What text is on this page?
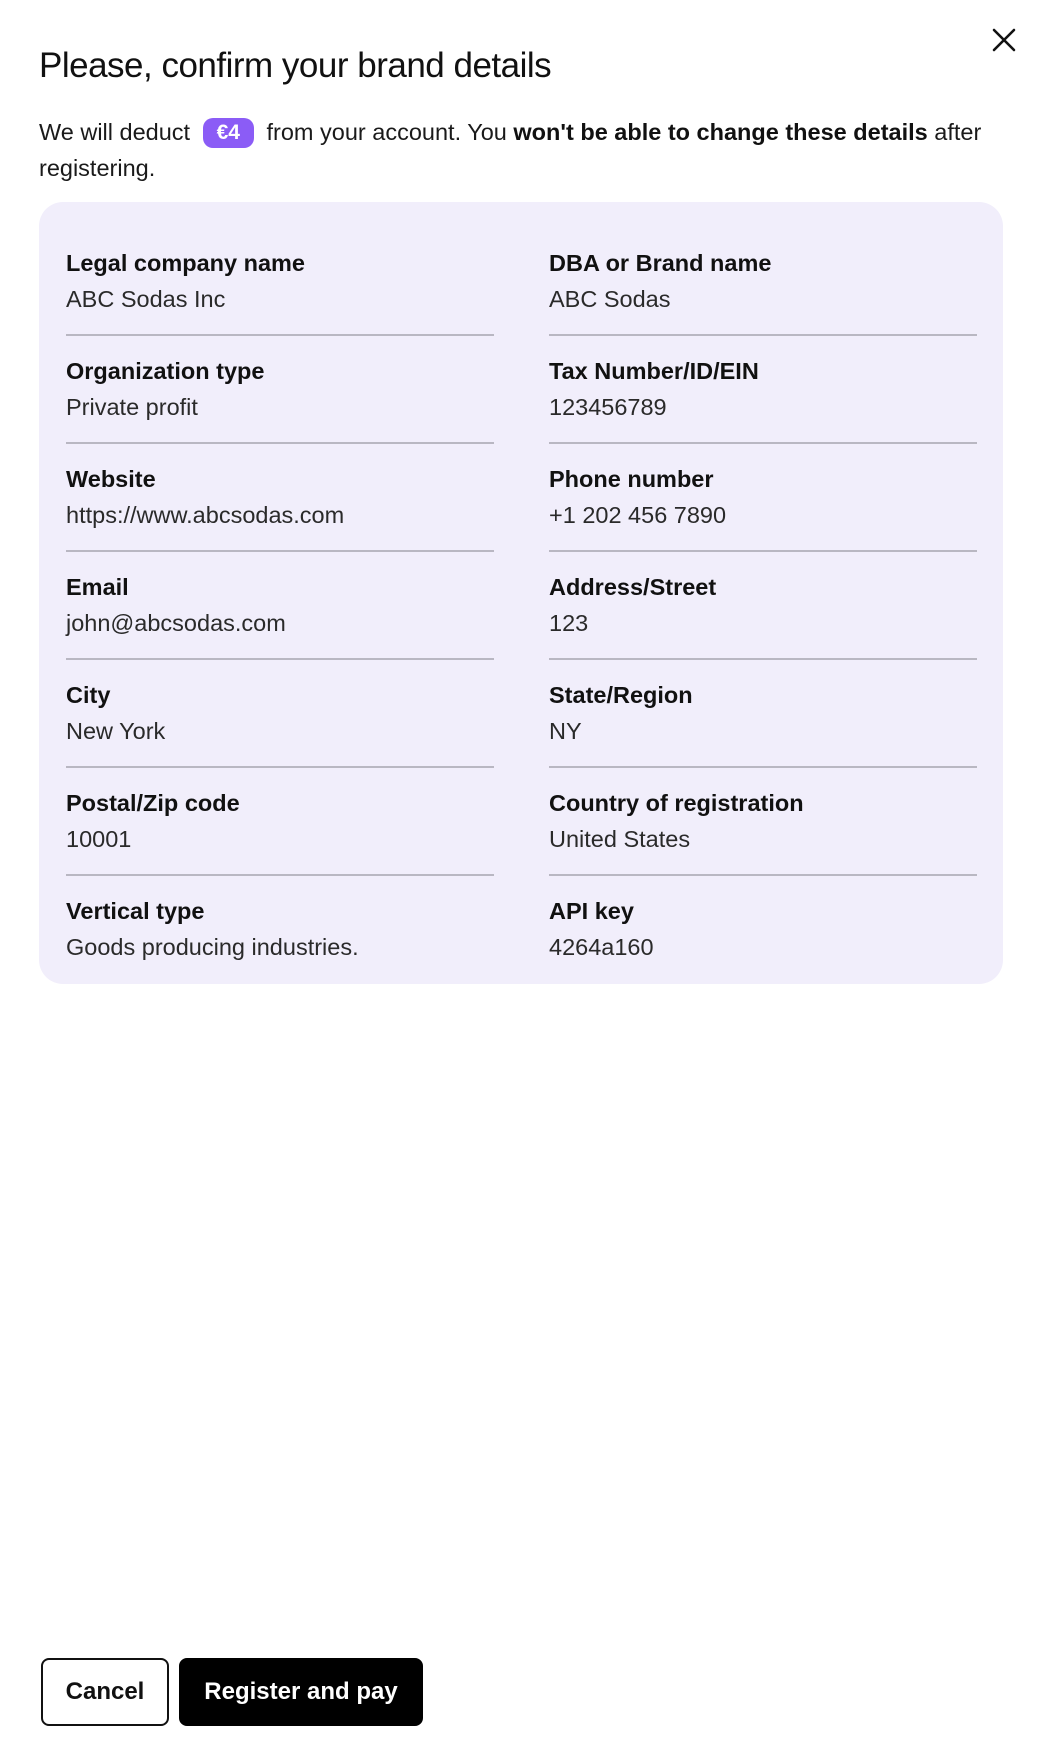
Please, confirm your brand details

We will deduct €4 from your account. You won't be able to change these details after registering.

Legal company name
ABC Sodas Inc
DBA or Brand name
ABC Sodas
Organization type
Private profit
Tax Number/ID/EIN
123456789
Website
https://www.abcsodas.com
Phone number
+1 202 456 7890
Email
john@abcsodas.com
Address/Street
123
City
New York
State/Region
NY
Postal/Zip code
10001
Country of registration
United States
Vertical type
Goods producing industries.
API key
4264a160
Cancel	Register and pay
